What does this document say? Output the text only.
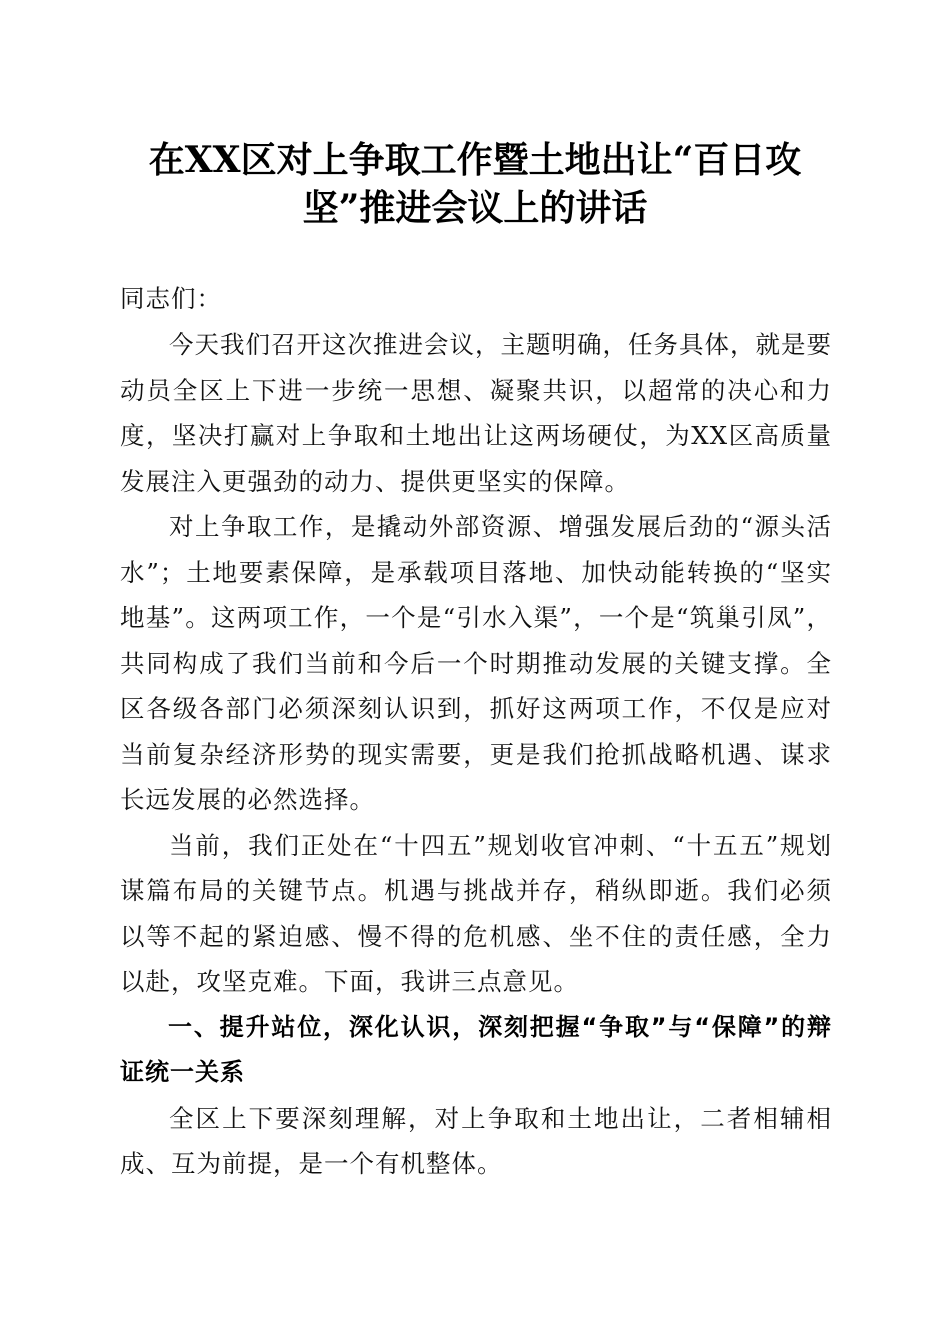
在XX区对上争取工作暨土地出让“百日攻
坚”推进会议上的讲话
同志们：

今天我们召开这次推进会议，主题明确，任务具体，就是要动员全区上下进一步统一思想、凝聚共识，以超常的决心和力度，坚决打赢对上争取和土地出让这两场硬仗，为XX区高质量发展注入更强劲的动力、提供更坚实的保障。

对上争取工作，是撬动外部资源、增强发展后劲的“源头活水”；土地要素保障，是承载项目落地、加快动能转换的“坚实地基”。这两项工作，一个是“引水入渠”，一个是“筑巢引凤”，共同构成了我们当前和今后一个时期推动发展的关键支撑。全区各级各部门必须深刻认识到，抓好这两项工作，不仅是应对当前复杂经济形势的现实需要，更是我们抢抓战略机遇、谋求长远发展的必然选择。

当前，我们正处在“十四五”规划收官冲刺、“十五五”规划谋篇布局的关键节点。机遇与挑战并存，稍纵即逝。我们必须以等不起的紧迫感、慢不得的危机感、坐不住的责任感，全力以赴，攻坚克难。下面，我讲三点意见。

一、提升站位，深化认识，深刻把握“争取”与“保障”的辩证统一关系

全区上下要深刻理解，对上争取和土地出让，二者相辅相成、互为前提，是一个有机整体。
